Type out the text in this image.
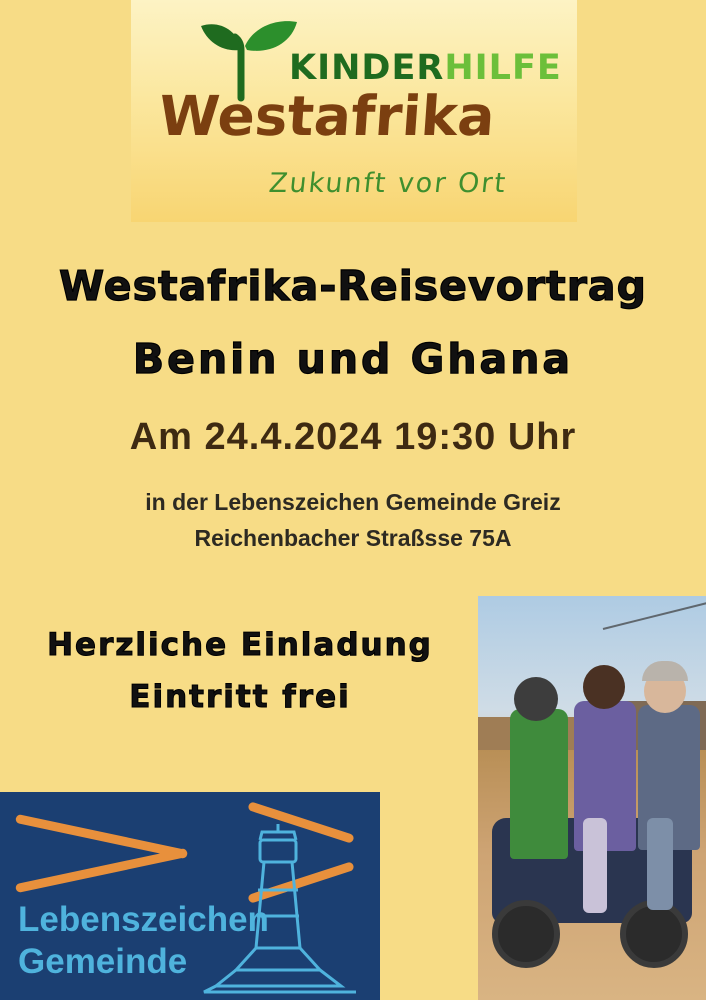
KINDERHILFE
Westafrika
Zukunft vor Ort
Westafrika-Reisevortrag
Benin und Ghana
Am 24.4.2024 19:30 Uhr
in der Lebenszeichen Gemeinde Greiz
Reichenbacher Straßsse 75A
Herzliche Einladung
Eintritt frei
Lebenszeichen
Gemeinde
